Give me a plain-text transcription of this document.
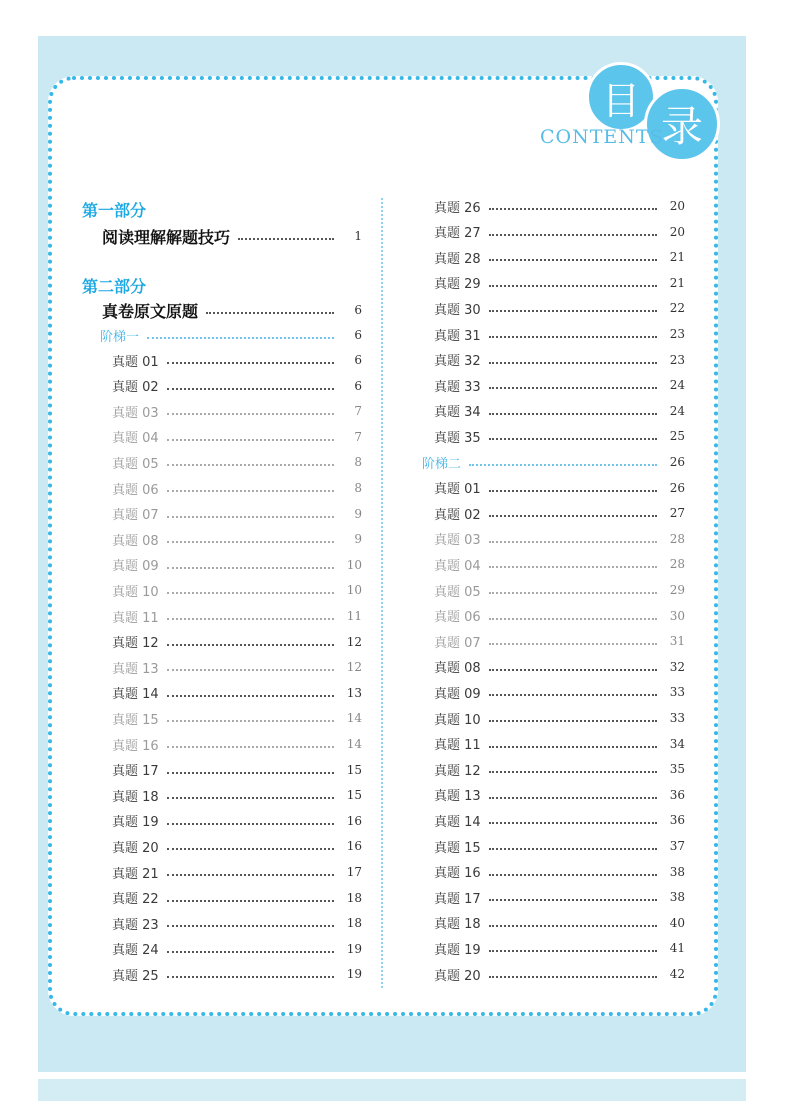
目
录
CONTENTS
第一部分
第二部分
阅读理解解题技巧	1
真卷原文原题	6
阶梯一	6
真题 01	6
真题 02	6
真题 03	7
真题 04	7
真题 05	8
真题 06	8
真题 07	9
真题 08	9
真题 09	10
真题 10	10
真题 11	11
真题 12	12
真题 13	12
真题 14	13
真题 15	14
真题 16	14
真题 17	15
真题 18	15
真题 19	16
真题 20	16
真题 21	17
真题 22	18
真题 23	18
真题 24	19
真题 25	19
真题 26	20
真题 27	20
真题 28	21
真题 29	21
真题 30	22
真题 31	23
真题 32	23
真题 33	24
真题 34	24
真题 35	25
阶梯二	26
真题 01	26
真题 02	27
真题 03	28
真题 04	28
真题 05	29
真题 06	30
真题 07	31
真题 08	32
真题 09	33
真题 10	33
真题 11	34
真题 12	35
真题 13	36
真题 14	36
真题 15	37
真题 16	38
真题 17	38
真题 18	40
真题 19	41
真题 20	42
